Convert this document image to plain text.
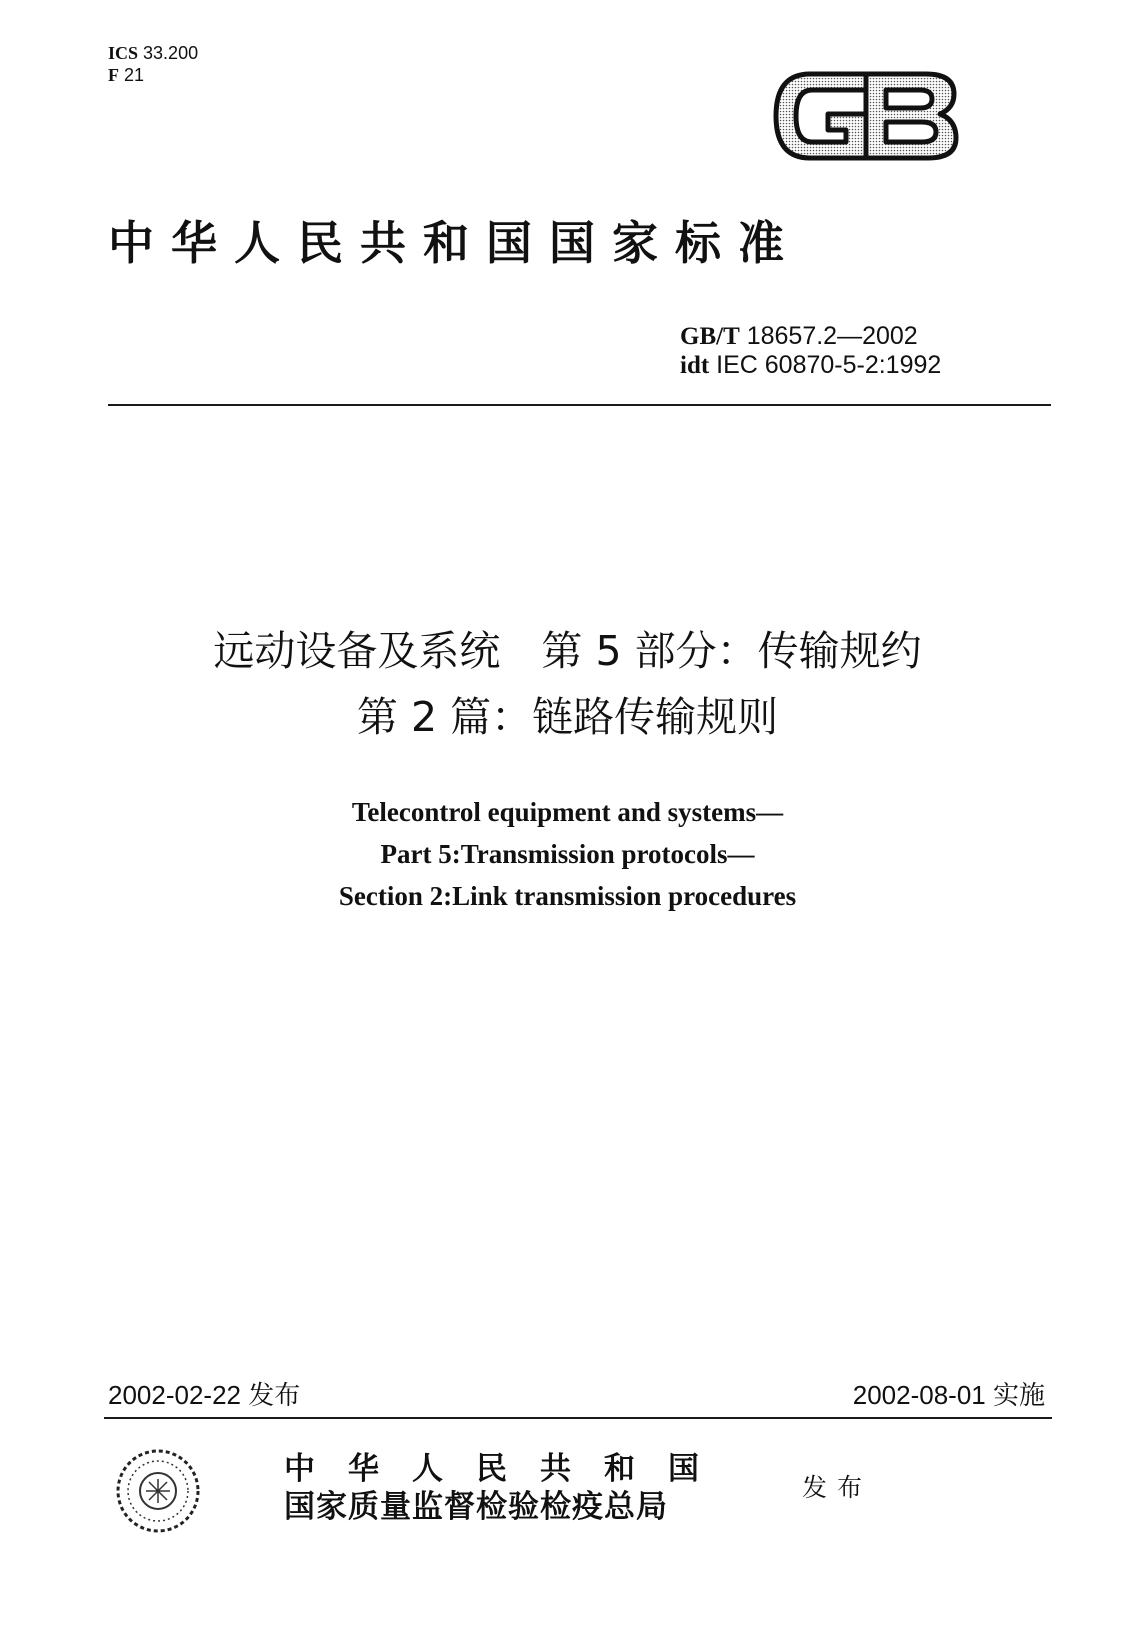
ICS 33.200
F 21
中华人民共和国国家标准
GB/T 18657.2—2002
idt IEC 60870-5-2:1992
远动设备及系统　第 5 部分：传输规约
第 2 篇：链路传输规则
Telecontrol equipment and systems—
Part 5:Transmission protocols—
Section 2:Link transmission procedures
2002-02-22 发布	2002-08-01 实施
中华人民共和国
国家质量监督检验检疫总局
发布
